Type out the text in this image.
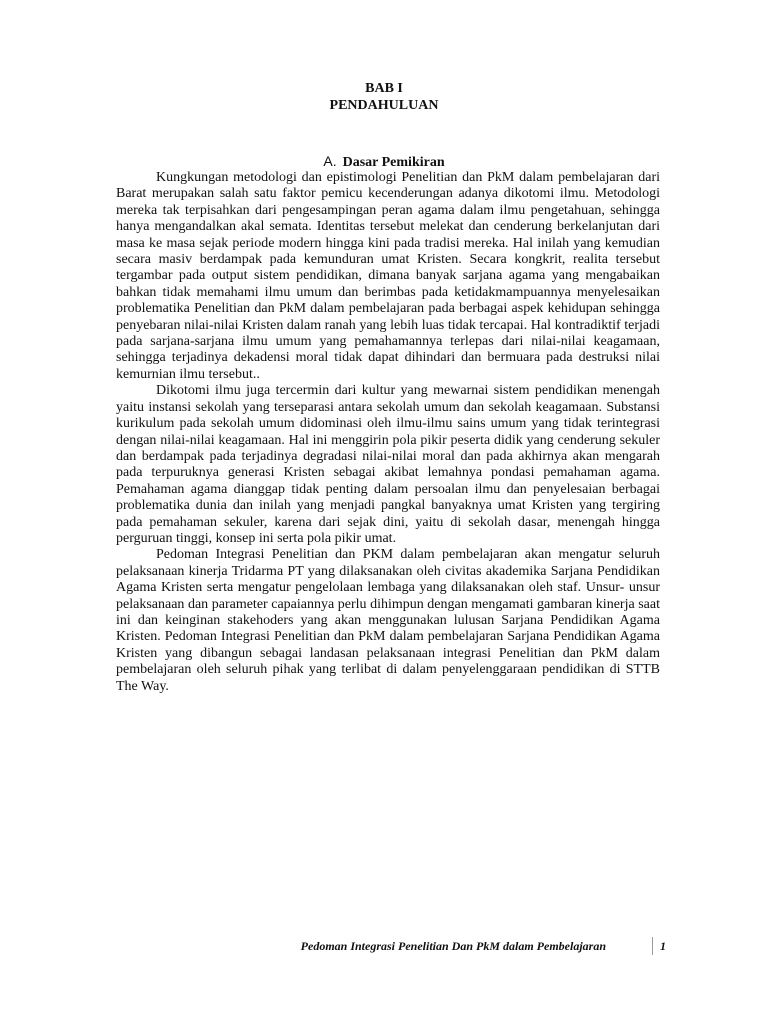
BAB I
PENDAHULUAN
A. Dasar Pemikiran

Kungkungan metodologi dan epistimologi Penelitian dan PkM dalam pembelajaran dari Barat merupakan salah satu faktor pemicu kecenderungan adanya dikotomi ilmu. Metodologi mereka tak terpisahkan dari pengesampingan peran agama dalam ilmu pengetahuan, sehingga hanya mengandalkan akal semata. Identitas tersebut melekat dan cenderung berkelanjutan dari masa ke masa sejak periode modern hingga kini pada tradisi mereka. Hal inilah yang kemudian secara masiv berdampak pada kemunduran umat Kristen. Secara kongkrit, realita tersebut tergambar pada output sistem pendidikan, dimana banyak sarjana agama yang mengabaikan bahkan tidak memahami ilmu umum dan berimbas pada ketidakmampuannya menyelesaikan problematika Penelitian dan PkM dalam pembelajaran pada berbagai aspek kehidupan sehingga penyebaran nilai-nilai Kristen dalam ranah yang lebih luas tidak tercapai. Hal kontradiktif terjadi pada sarjana-sarjana ilmu umum yang pemahamannya terlepas dari nilai-nilai keagamaan, sehingga terjadinya dekadensi moral tidak dapat dihindari dan bermuara pada destruksi nilai kemurnian ilmu tersebut..

Dikotomi ilmu juga tercermin dari kultur yang mewarnai sistem pendidikan menengah yaitu instansi sekolah yang terseparasi antara sekolah umum dan sekolah keagamaan. Substansi kurikulum pada sekolah umum didominasi oleh ilmu-ilmu sains umum yang tidak terintegrasi dengan nilai-nilai keagamaan. Hal ini menggirin pola pikir peserta didik yang cenderung sekuler dan berdampak pada terjadinya degradasi nilai-nilai moral dan pada akhirnya akan mengarah pada terpuruknya generasi Kristen sebagai akibat lemahnya pondasi pemahaman agama. Pemahaman agama dianggap tidak penting dalam persoalan ilmu dan penyelesaian berbagai problematika dunia dan inilah yang menjadi pangkal banyaknya umat Kristen yang tergiring pada pemahaman sekuler, karena dari sejak dini, yaitu di sekolah dasar, menengah hingga perguruan tinggi, konsep ini serta pola pikir umat.

Pedoman Integrasi Penelitian dan PKM dalam pembelajaran akan mengatur seluruh pelaksanaan kinerja Tridarma PT yang dilaksanakan oleh civitas akademika Sarjana Pendidikan Agama Kristen serta mengatur pengelolaan lembaga yang dilaksanakan oleh staf. Unsur- unsur pelaksanaan dan parameter capaiannya perlu dihimpun dengan mengamati gambaran kinerja saat ini dan keinginan stakehoders yang akan menggunakan lulusan Sarjana Pendidikan Agama Kristen. Pedoman Integrasi Penelitian dan PkM dalam pembelajaran Sarjana Pendidikan Agama Kristen yang dibangun sebagai landasan pelaksanaan integrasi Penelitian dan PkM dalam pembelajaran oleh seluruh pihak yang terlibat di dalam penyelenggaraan pendidikan di STTB The Way.

Pedoman Integrasi Penelitian Dan PkM dalam Pembelajaran	1
